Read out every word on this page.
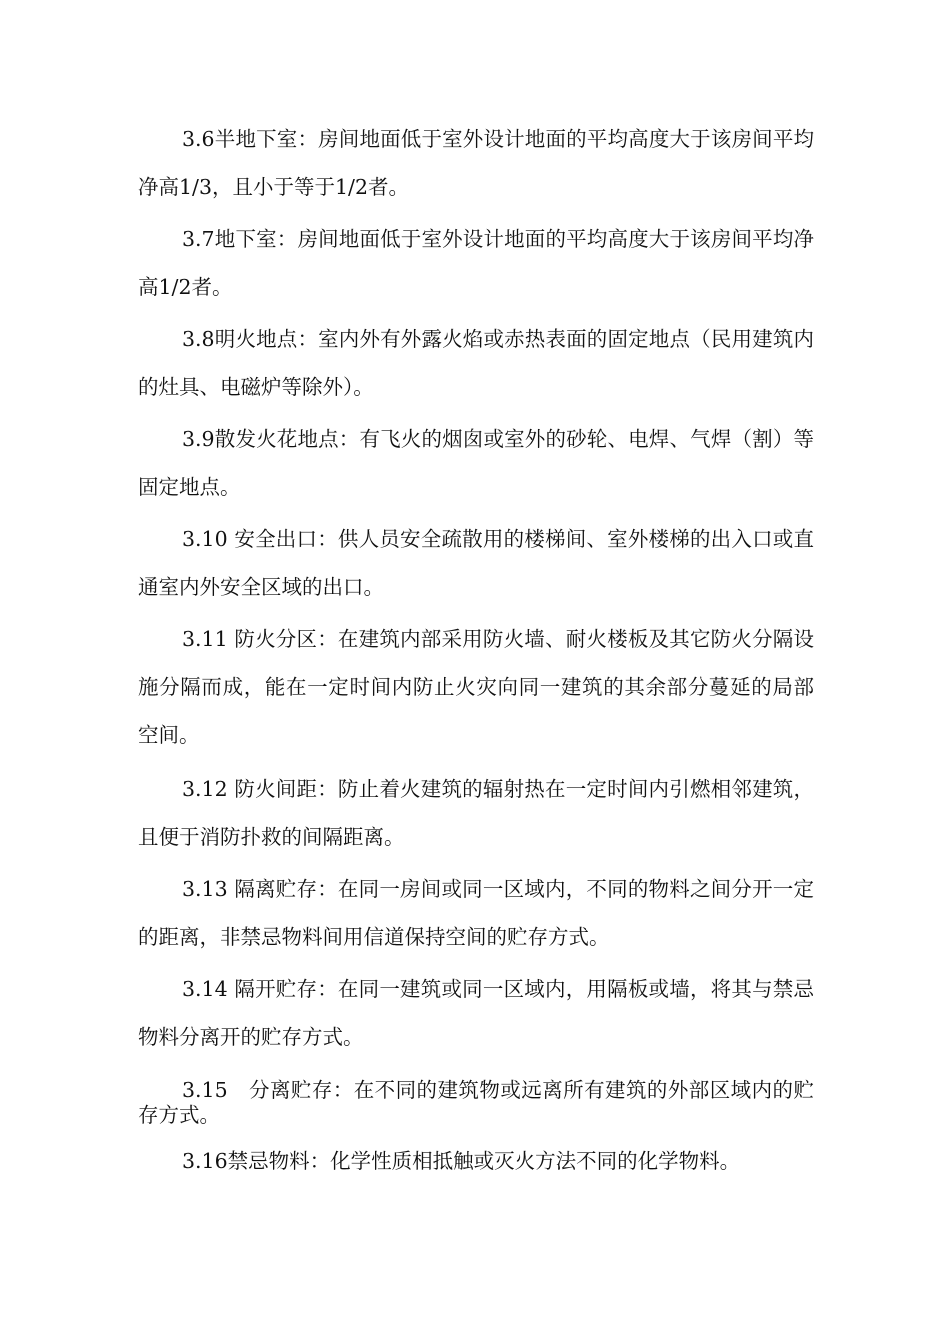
3.6半地下室：房间地面低于室外设计地面的平均高度大于该房间平均净高1/3，且小于等于1/2者。

3.7地下室：房间地面低于室外设计地面的平均高度大于该房间平均净高1/2者。

3.8明火地点：室内外有外露火焰或赤热表面的固定地点（民用建筑内的灶具、电磁炉等除外）。

3.9散发火花地点：有飞火的烟囱或室外的砂轮、电焊、气焊（割）等固定地点。

3.10 安全出口：供人员安全疏散用的楼梯间、室外楼梯的出入口或直通室内外安全区域的出口。

3.11 防火分区：在建筑内部采用防火墙、耐火楼板及其它防火分隔设施分隔而成，能在一定时间内防止火灾向同一建筑的其余部分蔓延的局部空间。

3.12 防火间距：防止着火建筑的辐射热在一定时间内引燃相邻建筑，且便于消防扑救的间隔距离。

3.13 隔离贮存：在同一房间或同一区域内，不同的物料之间分开一定的距离，非禁忌物料间用信道保持空间的贮存方式。

3.14 隔开贮存：在同一建筑或同一区域内，用隔板或墙，将其与禁忌物料分离开的贮存方式。

3.15　分离贮存：在不同的建筑物或远离所有建筑的外部区域内的贮存方式。

3.16禁忌物料：化学性质相抵触或灭火方法不同的化学物料。
